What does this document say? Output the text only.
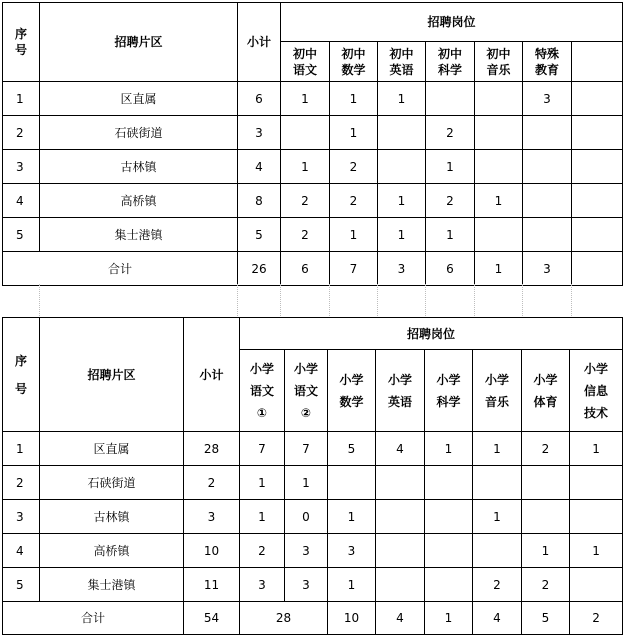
序号	招聘片区	小计	招聘岗位						
			初中语文	初中数学	初中英语	初中科学	初中音乐	特殊教育	
1	区直属	6	1	1	1			3	
2	石硖街道	3		1		2			
3	古林镇	4	1	2		1			
4	高桥镇	8	2	2	1	2	1		
5	集士港镇	5	2	1	1	1			
合计		26	6	7	3	6	1	3	
序号	招聘片区	小计	招聘岗位							
			小学语文①	小学语文②	小学数学	小学英语	小学科学	小学音乐	小学体育	小学信息技术
1	区直属	28	7	7	5	4	1	1	2	1
2	石硖街道	2	1	1						
3	古林镇	3	1	0	1			1		
4	高桥镇	10	2	3	3				1	1
5	集士港镇	11	3	3	1			2	2	
合计		54	28		10	4	1	4	5	2
